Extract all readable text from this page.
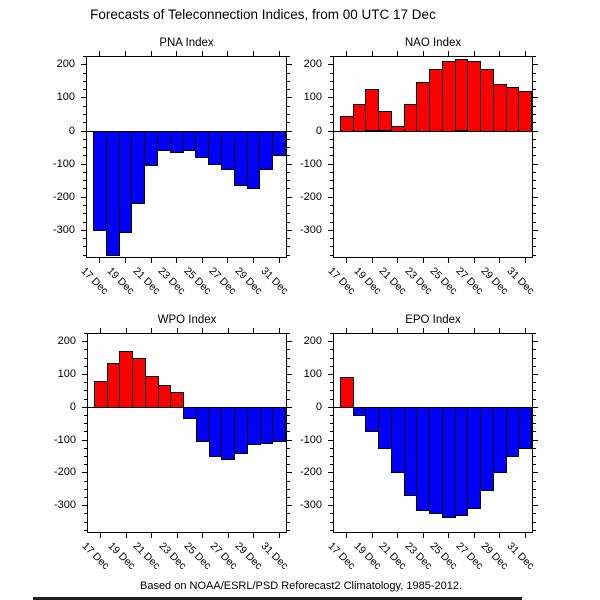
Forecasts of Teleconnection Indices, from 00 UTC 17 Dec
PNA Index
200
100
0
-100
-200
-300
17 Dec
19 Dec
21 Dec
23 Dec
25 Dec
27 Dec
29 Dec
31 Dec
NAO Index
200
100
0
-100
-200
-300
17 Dec
19 Dec
21 Dec
23 Dec
25 Dec
27 Dec
29 Dec
31 Dec
WPO Index
200
100
0
-100
-200
-300
17 Dec
19 Dec
21 Dec
23 Dec
25 Dec
27 Dec
29 Dec
31 Dec
EPO Index
200
100
0
-100
-200
-300
17 Dec
19 Dec
21 Dec
23 Dec
25 Dec
27 Dec
29 Dec
31 Dec
Based on NOAA/ESRL/PSD Reforecast2 Climatology, 1985-2012.
